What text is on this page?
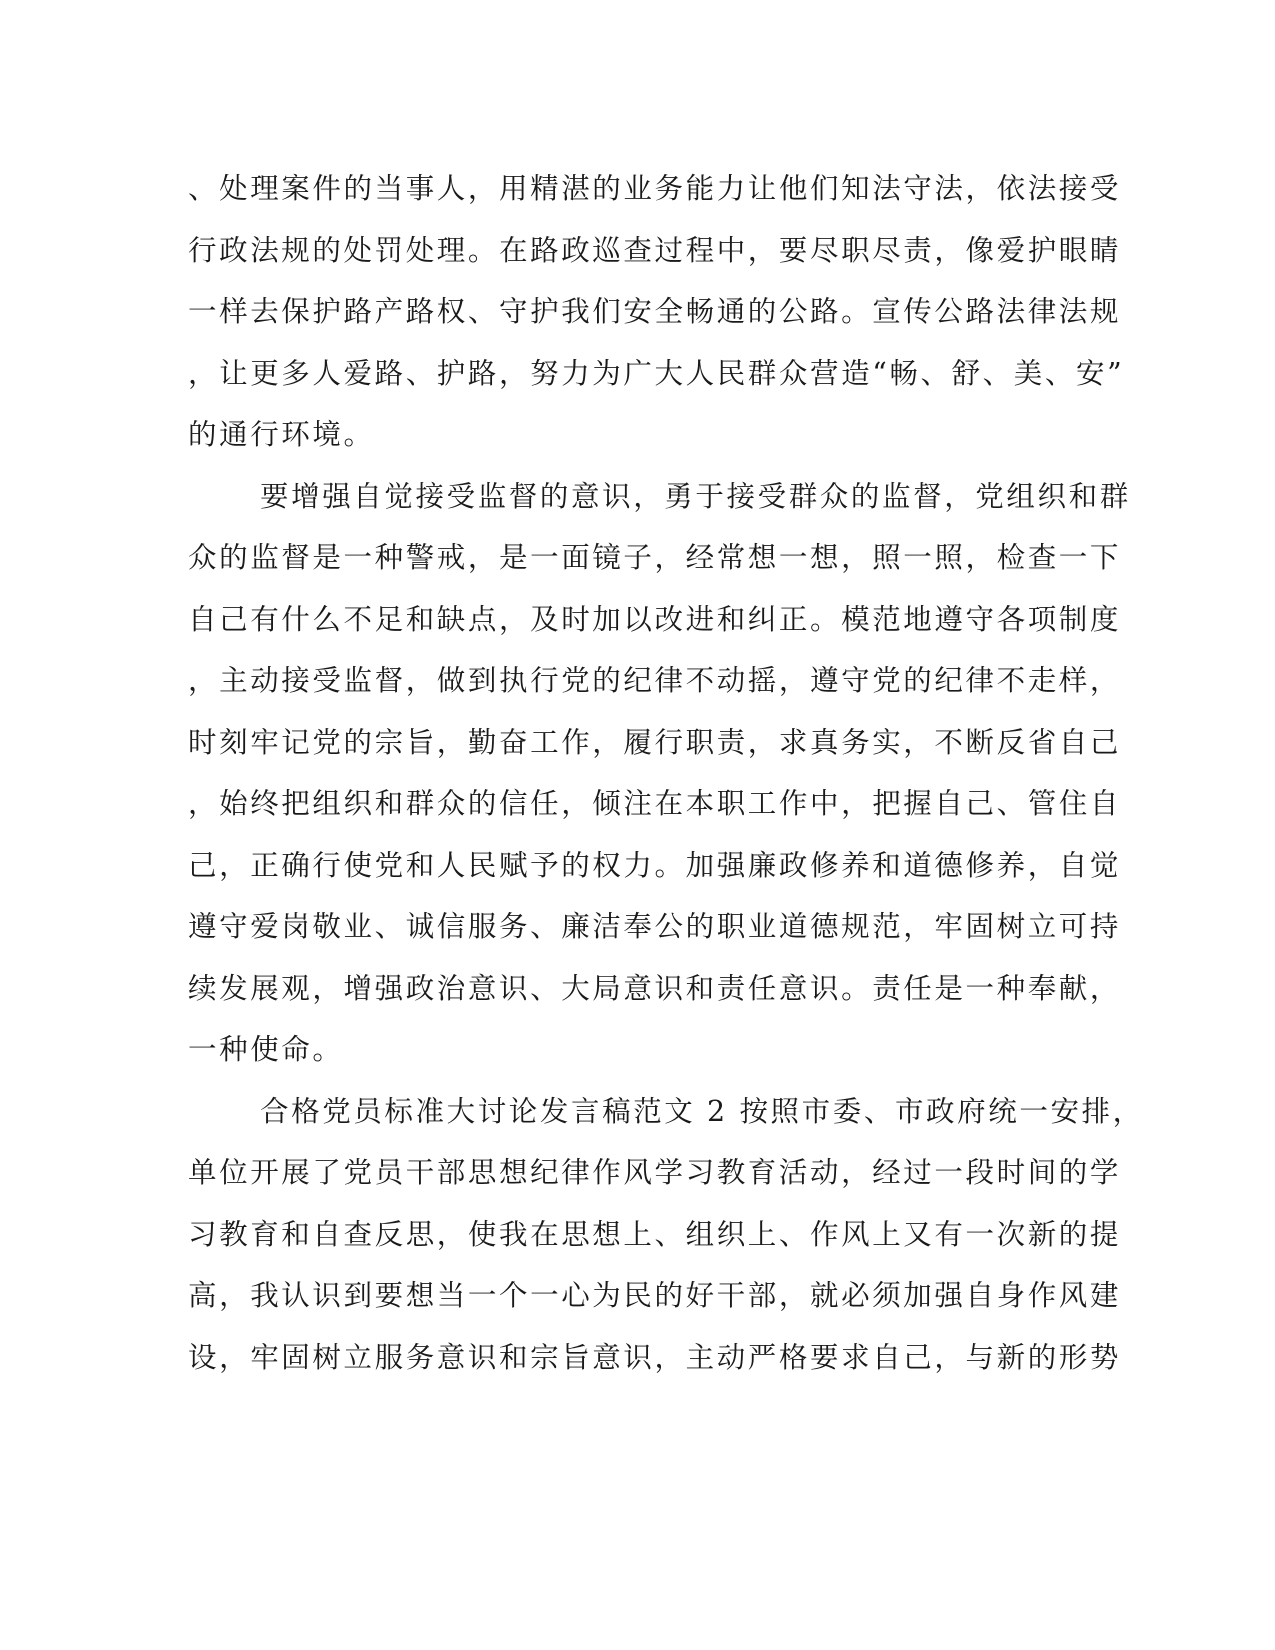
、处理案件的当事人，用精湛的业务能力让他们知法守法，依法接受
行政法规的处罚处理。在路政巡查过程中，要尽职尽责，像爱护眼睛
一样去保护路产路权、守护我们安全畅通的公路。宣传公路法律法规
，让更多人爱路、护路，努力为广大人民群众营造“畅、舒、美、安”
的通行环境。
要增强自觉接受监督的意识，勇于接受群众的监督，党组织和群
众的监督是一种警戒，是一面镜子，经常想一想，照一照，检查一下
自己有什么不足和缺点，及时加以改进和纠正。模范地遵守各项制度
，主动接受监督，做到执行党的纪律不动摇，遵守党的纪律不走样，
时刻牢记党的宗旨，勤奋工作，履行职责，求真务实，不断反省自己
，始终把组织和群众的信任，倾注在本职工作中，把握自己、管住自
己，正确行使党和人民赋予的权力。加强廉政修养和道德修养，自觉
遵守爱岗敬业、诚信服务、廉洁奉公的职业道德规范，牢固树立可持
续发展观，增强政治意识、大局意识和责任意识。责任是一种奉献，
一种使命。
合格党员标准大讨论发言稿范文 2 按照市委、市政府统一安排，
单位开展了党员干部思想纪律作风学习教育活动，经过一段时间的学
习教育和自查反思，使我在思想上、组织上、作风上又有一次新的提
高，我认识到要想当一个一心为民的好干部，就必须加强自身作风建
设，牢固树立服务意识和宗旨意识，主动严格要求自己，与新的形势
